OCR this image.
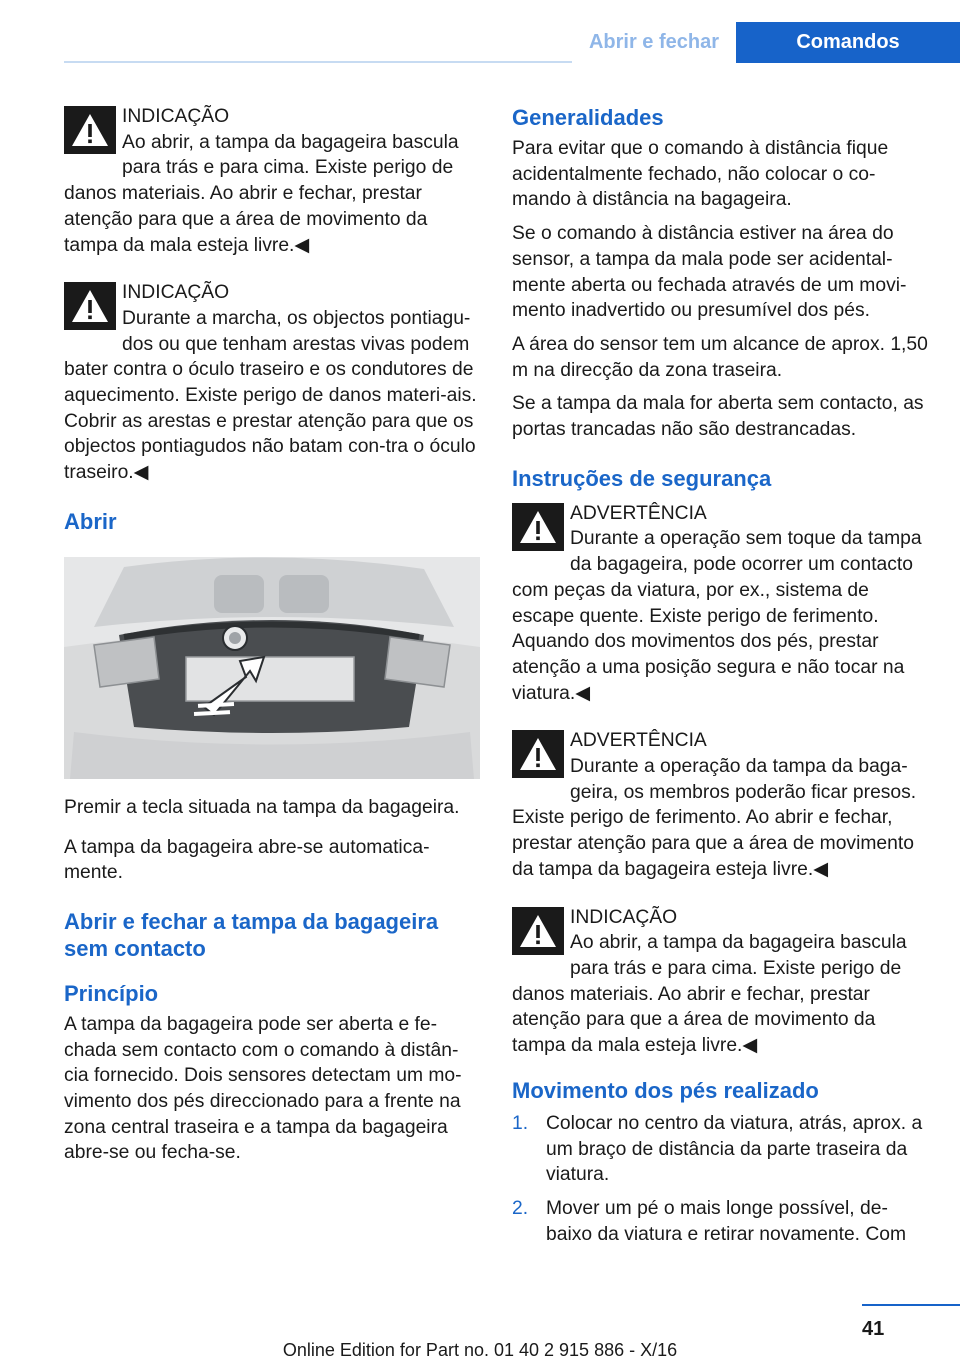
Abrir e fechar	Comandos

INDICAÇÃO

Ao abrir, a tampa da bagageira bascula para trás e para cima. Existe perigo de danos materiais. Ao abrir e fechar, prestar atenção para que a área de movimento da tampa da mala esteja livre.◀

INDICAÇÃO

Durante a marcha, os objectos pontiagu‐dos ou que tenham arestas vivas podem bater contra o óculo traseiro e os condutores de aquecimento. Existe perigo de danos materi‐ais. Cobrir as arestas e prestar atenção para que os objectos pontiagudos não batam con‐tra o óculo traseiro.◀

Abrir

Premir a tecla situada na tampa da bagageira.

A tampa da bagageira abre-se automatica‐mente.

Abrir e fechar a tampa da bagageira sem contacto
Princípio

A tampa da bagageira pode ser aberta e fe‐chada sem contacto com o comando à distân‐cia fornecido. Dois sensores detectam um mo‐vimento dos pés direccionado para a frente na zona central traseira e a tampa da bagageira abre-se ou fecha-se.

Generalidades

Para evitar que o comando à distância fique acidentalmente fechado, não colocar o co‐mando à distância na bagageira.

Se o comando à distância estiver na área do sensor, a tampa da mala pode ser acidental‐mente aberta ou fechada através de um movi‐mento inadvertido ou presumível dos pés.

A área do sensor tem um alcance de aprox. 1,50 m na direcção da zona traseira.

Se a tampa da mala for aberta sem contacto, as portas trancadas não são destrancadas.

Instruções de segurança

ADVERTÊNCIA

Durante a operação sem toque da tampa da bagageira, pode ocorrer um contacto com peças da viatura, por ex., sistema de escape quente. Existe perigo de ferimento. Aquando dos movimentos dos pés, prestar atenção a uma posição segura e não tocar na viatura.◀

ADVERTÊNCIA

Durante a operação da tampa da baga‐geira, os membros poderão ficar presos. Existe perigo de ferimento. Ao abrir e fechar, prestar atenção para que a área de movimento da tampa da bagageira esteja livre.◀

INDICAÇÃO

Ao abrir, a tampa da bagageira bascula para trás e para cima. Existe perigo de danos materiais. Ao abrir e fechar, prestar atenção para que a área de movimento da tampa da mala esteja livre.◀

Movimento dos pés realizado
1. Colocar no centro da viatura, atrás, aprox. a um braço de distância da parte traseira da viatura.
2. Mover um pé o mais longe possível, de‐baixo da viatura e retirar novamente. Com
41
Online Edition for Part no. 01 40 2 915 886 - X/16
